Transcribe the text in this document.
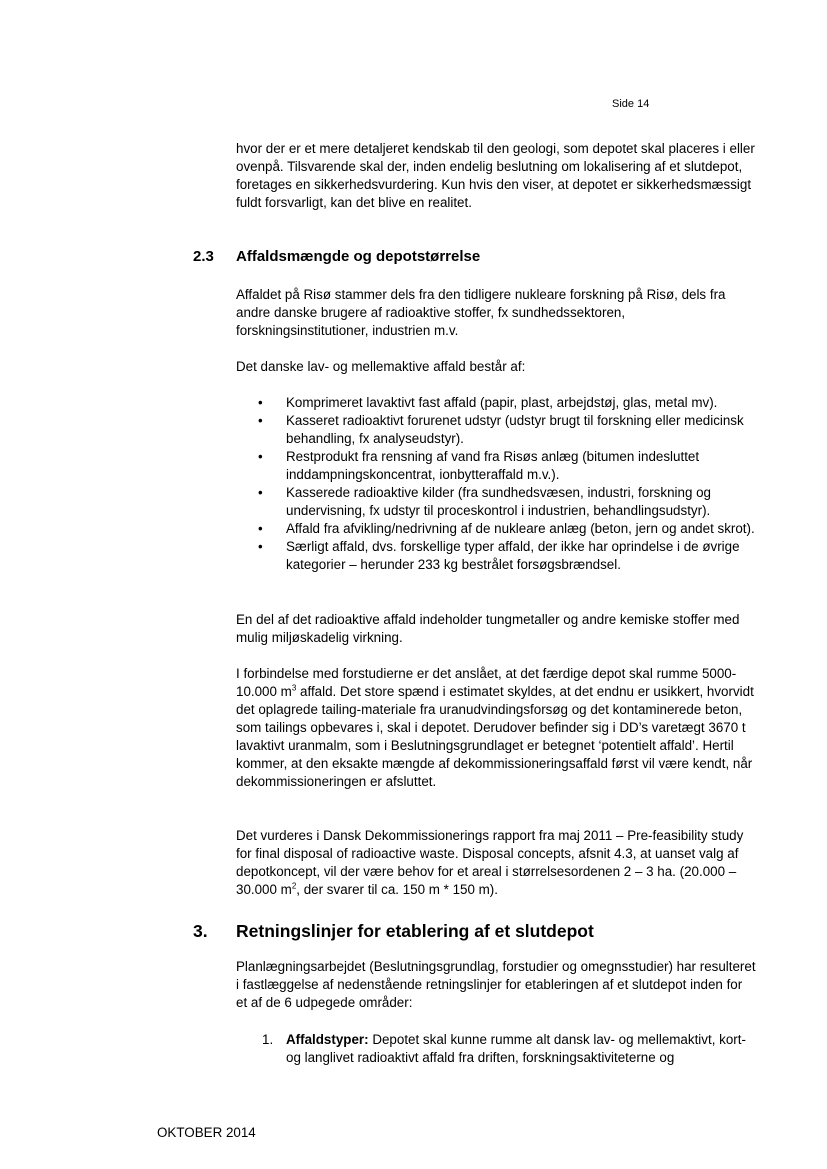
Side 14

hvor der er et mere detaljeret kendskab til den geologi, som depotet skal placeres i eller ovenpå. Tilsvarende skal der, inden endelig beslutning om lokalisering af et slutdepot, foretages en sikkerhedsvurdering. Kun hvis den viser, at depotet er sikkerhedsmæssigt fuldt forsvarligt, kan det blive en realitet.

2.3 Affaldsmængde og depotstørrelse

Affaldet på Risø stammer dels fra den tidligere nukleare forskning på Risø, dels fra andre danske brugere af radioaktive stoffer, fx sundhedssektoren, forskningsinstitutioner, industrien m.v.

Det danske lav- og mellemaktive affald består af:

• Komprimeret lavaktivt fast affald (papir, plast, arbejdstøj, glas, metal mv).
• Kasseret radioaktivt forurenet udstyr (udstyr brugt til forskning eller medicinsk behandling, fx analyseudstyr).
• Restprodukt fra rensning af vand fra Risøs anlæg (bitumen indesluttet inddampningskoncentrat, ionbytteraffald m.v.).
• Kasserede radioaktive kilder (fra sundhedsvæsen, industri, forskning og undervisning, fx udstyr til proceskontrol i industrien, behandlingsudstyr).
• Affald fra afvikling/nedrivning af de nukleare anlæg (beton, jern og andet skrot).
• Særligt affald, dvs. forskellige typer affald, der ikke har oprindelse i de øvrige kategorier – herunder 233 kg bestrålet forsøgsbrændsel.

En del af det radioaktive affald indeholder tungmetaller og andre kemiske stoffer med mulig miljøskadelig virkning.

I forbindelse med forstudierne er det anslået, at det færdige depot skal rumme 5000-10.000 $m^3$ affald. Det store spænd i estimatet skyldes, at det endnu er usikkert, hvorvidt det oplagrede tailing-materiale fra uranudvindingsforsøg og det kontaminerede beton, som tailings opbevares i, skal i depotet. Derudover befinder sig i DD’s varetægt 3670 t lavaktivt uranmalm, som i Beslutningsgrundlaget er betegnet ‘potentielt affald’. Hertil kommer, at den eksakte mængde af dekommissioneringsaffald først vil være kendt, når dekommissioneringen er afsluttet.

Det vurderes i Dansk Dekommissionerings rapport fra maj 2011 – Pre-feasibility study for final disposal of radioactive waste. Disposal concepts, afsnit 4.3, at uanset valg af depotkoncept, vil der være behov for et areal i størrelsesordenen 2 – 3 ha. (20.000 – 30.000 $m^2$, der svarer til ca. 150 m * 150 m).

3. Retningslinjer for etablering af et slutdepot

Planlægningsarbejdet (Beslutningsgrundlag, forstudier og omegnsstudier) har resulteret i fastlæggelse af nedenstående retningslinjer for etableringen af et slutdepot inden for et af de 6 udpegede områder:

1. Affaldstyper: Depotet skal kunne rumme alt dansk lav- og mellemaktivt, kort- og langlivet radioaktivt affald fra driften, forskningsaktiviteterne og
OKTOBER 2014
